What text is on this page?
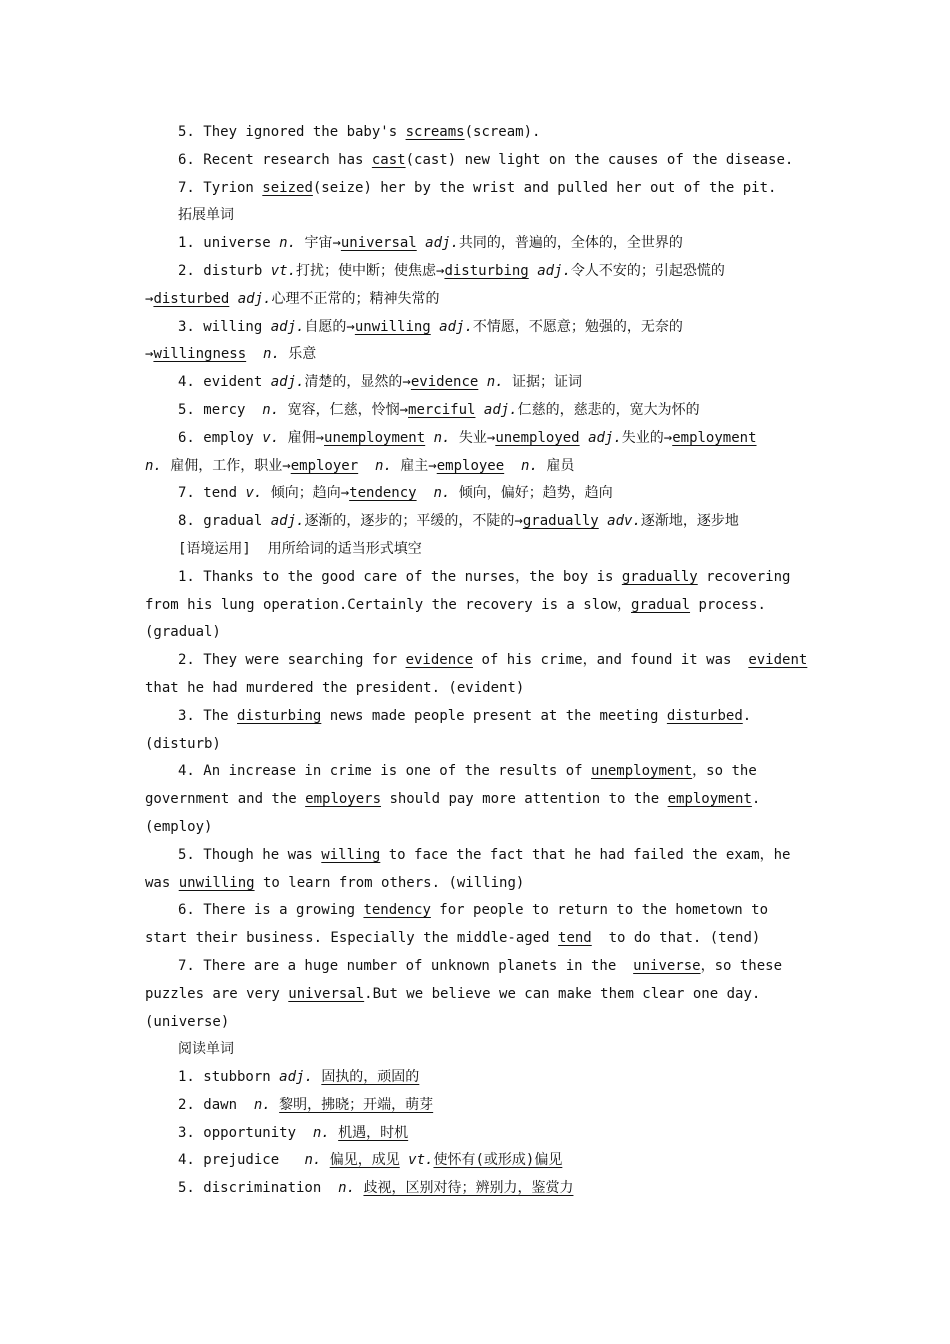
5. They ignored the baby's screams(scream).
6. Recent research has cast(cast) new light on the causes of the disease.
7. Tyrion seized(seize) her by the wrist and pulled her out of the pit.
拓展单词
1. universe n. 宇宙→universal adj.共同的，普遍的，全体的，全世界的
2. disturb vt.打扰；使中断；使焦虑→disturbing adj.令人不安的；引起恐慌的
→disturbed adj.心理不正常的；精神失常的
3. willing adj.自愿的→unwilling adj.不情愿，不愿意；勉强的，无奈的
→willingness n. 乐意
4. evident adj.清楚的，显然的→evidence n. 证据；证词
5. mercy  n. 宽容，仁慈，怜悯→merciful adj.仁慈的，慈悲的，宽大为怀的
6. employ v. 雇佣→unemployment n. 失业→unemployed adj.失业的→employment
n. 雇佣，工作，职业→employer n. 雇主→employee n. 雇员
7. tend v. 倾向；趋向→tendency n. 倾向，偏好；趋势，趋向
8. gradual adj.逐渐的，逐步的；平缓的，不陡的→gradually adv.逐渐地，逐步地
[语境运用]  用所给词的适当形式填空
1. Thanks to the good care of the nurses，the boy is gradually recovering
from his lung operation.Certainly the recovery is a slow，gradual process.
(gradual)
2. They were searching for evidence of his crime，and found it was  evident
that he had murdered the president. (evident)
3. The disturbing news made people present at the meeting disturbed.
(disturb)
4. An increase in crime is one of the results of unemployment，so the
government and the employers should pay more attention to the employment.
(employ)
5. Though he was willing to face the fact that he had failed the exam，he
was unwilling to learn from others. (willing)
6. There is a growing tendency for people to return to the hometown to
start their business. Especially the middle-aged tend  to do that. (tend)
7. There are a huge number of unknown planets in the  universe，so these
puzzles are very universal.But we believe we can make them clear one day.
(universe)
阅读单词
1. stubborn adj. 固执的，顽固的
2. dawn  n. 黎明，拂晓；开端，萌芽
3. opportunity  n. 机遇，时机
4. prejudice   n. 偏见，成见 vt.使怀有(或形成)偏见
5. discrimination  n. 歧视，区别对待；辨别力，鉴赏力
